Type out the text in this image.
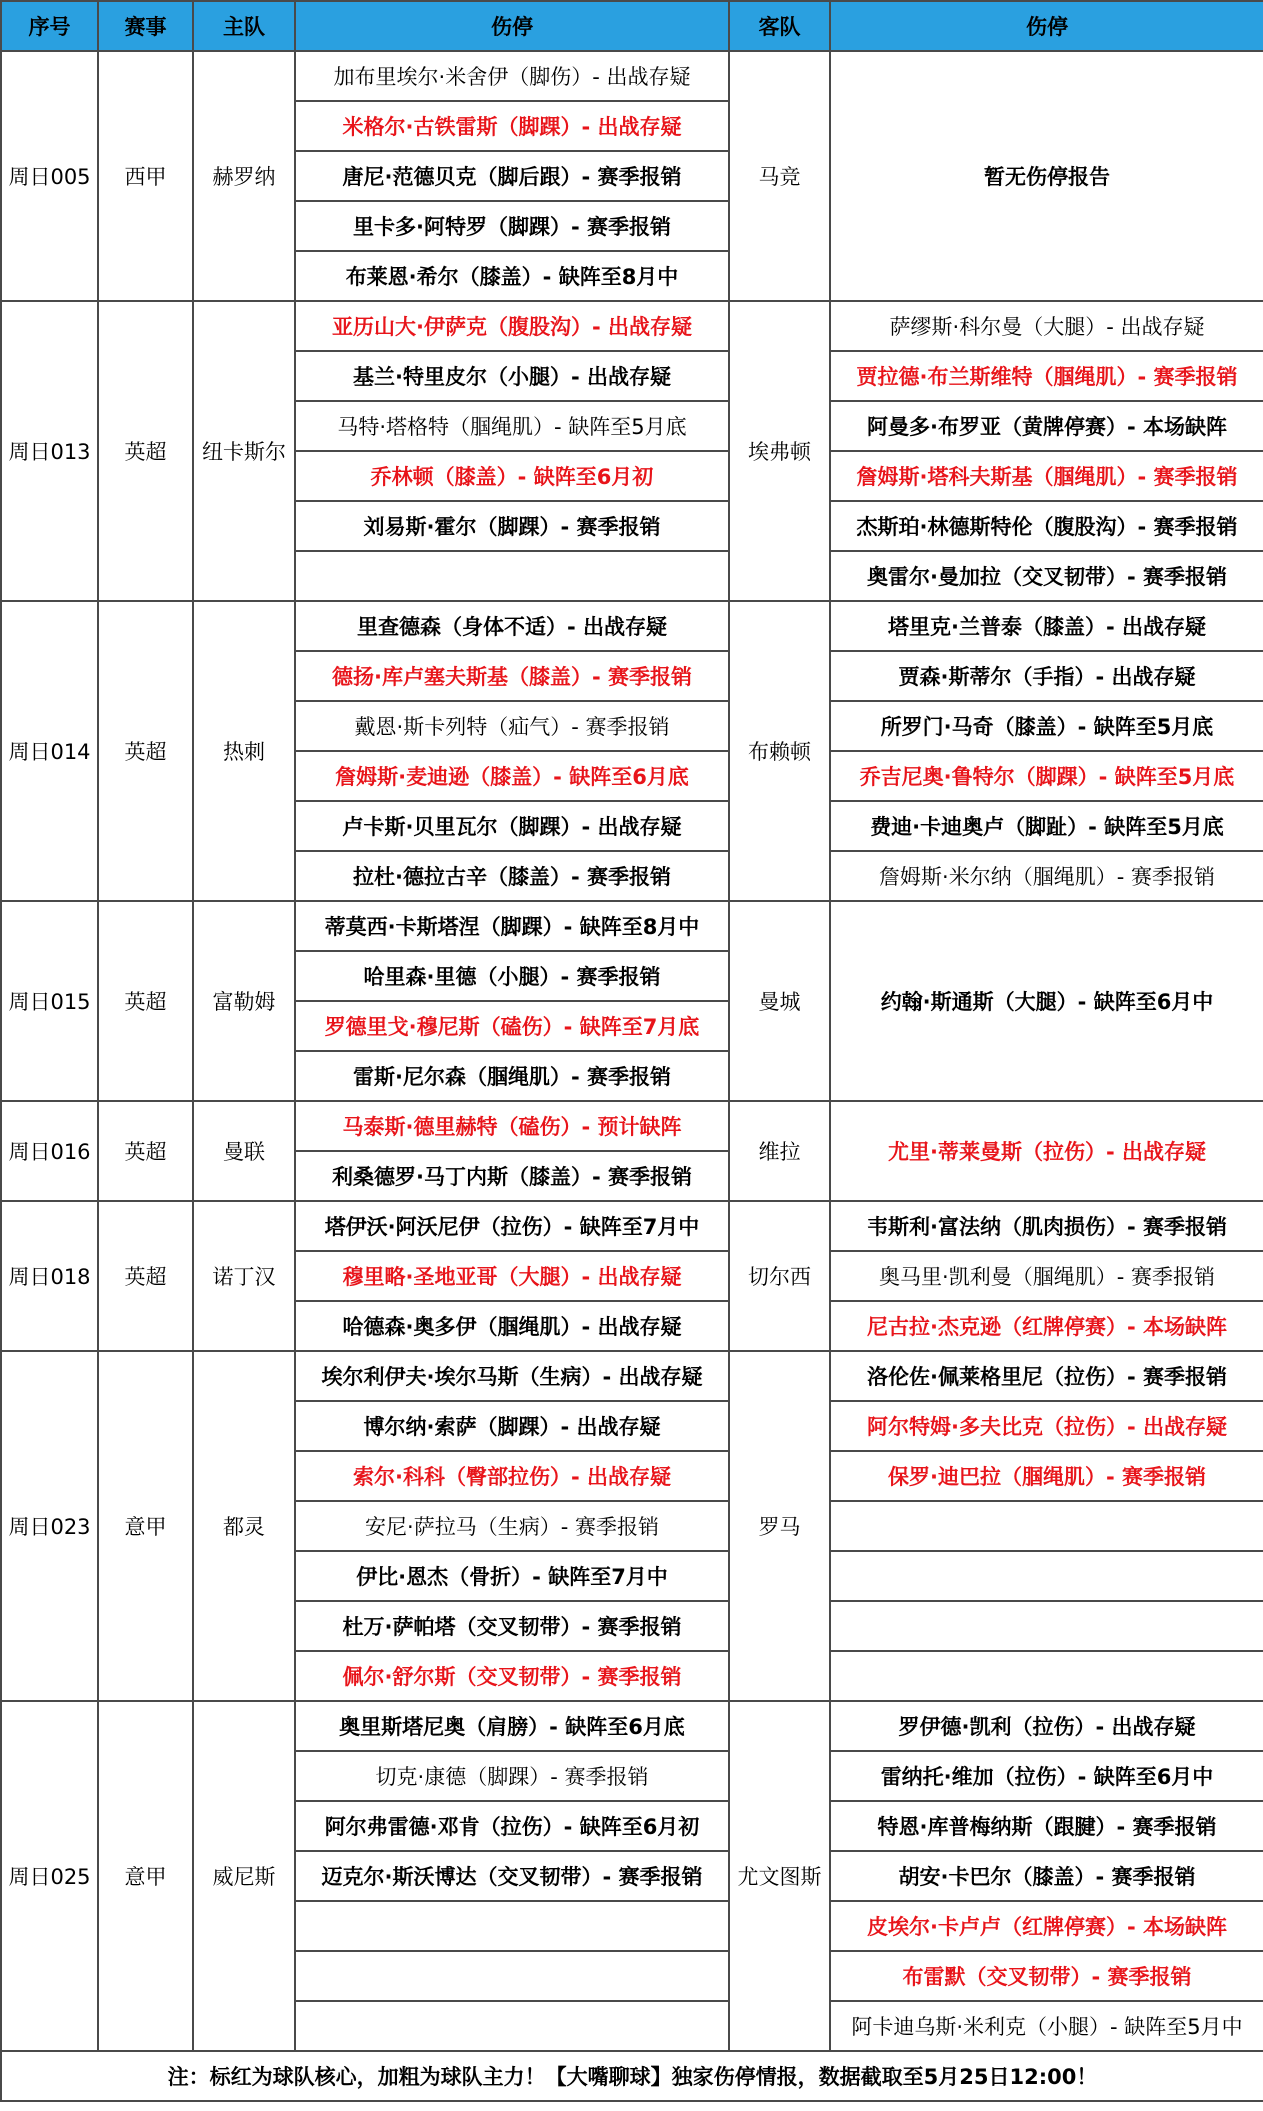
序号	赛事	主队	伤停	客队	伤停
周日005	西甲	赫罗纳	加布里埃尔·米舍伊（脚伤）- 出战存疑	马竞	暂无伤停报告
			米格尔·古铁雷斯（脚踝）- 出战存疑		
			唐尼·范德贝克（脚后跟）- 赛季报销		
			里卡多·阿特罗（脚踝）- 赛季报销		
			布莱恩·希尔（膝盖）- 缺阵至8月中		
周日013	英超	纽卡斯尔	亚历山大·伊萨克（腹股沟）- 出战存疑	埃弗顿	萨缪斯·科尔曼（大腿）- 出战存疑
			基兰·特里皮尔（小腿）- 出战存疑		贾拉德·布兰斯维特（腘绳肌）- 赛季报销
			马特·塔格特（腘绳肌）- 缺阵至5月底		阿曼多·布罗亚（黄牌停赛）- 本场缺阵
			乔林顿（膝盖）- 缺阵至6月初		詹姆斯·塔科夫斯基（腘绳肌）- 赛季报销
			刘易斯·霍尔（脚踝）- 赛季报销		杰斯珀·林德斯特伦（腹股沟）- 赛季报销
					奥雷尔·曼加拉（交叉韧带）- 赛季报销
周日014	英超	热刺	里查德森（身体不适）- 出战存疑	布赖顿	塔里克·兰普泰（膝盖）- 出战存疑
			德扬·库卢塞夫斯基（膝盖）- 赛季报销		贾森·斯蒂尔（手指）- 出战存疑
			戴恩·斯卡列特（疝气）- 赛季报销		所罗门·马奇（膝盖）- 缺阵至5月底
			詹姆斯·麦迪逊（膝盖）- 缺阵至6月底		乔吉尼奥·鲁特尔（脚踝）- 缺阵至5月底
			卢卡斯·贝里瓦尔（脚踝）- 出战存疑		费迪·卡迪奥卢（脚趾）- 缺阵至5月底
			拉杜·德拉古辛（膝盖）- 赛季报销		詹姆斯·米尔纳（腘绳肌）- 赛季报销
周日015	英超	富勒姆	蒂莫西·卡斯塔涅（脚踝）- 缺阵至8月中	曼城	约翰·斯通斯（大腿）- 缺阵至6月中
			哈里森·里德（小腿）- 赛季报销		
			罗德里戈·穆尼斯（磕伤）- 缺阵至7月底		
			雷斯·尼尔森（腘绳肌）- 赛季报销		
周日016	英超	曼联	马泰斯·德里赫特（磕伤）- 预计缺阵	维拉	尤里·蒂莱曼斯（拉伤）- 出战存疑
			利桑德罗·马丁内斯（膝盖）- 赛季报销		
周日018	英超	诺丁汉	塔伊沃·阿沃尼伊（拉伤）- 缺阵至7月中	切尔西	韦斯利·富法纳（肌肉损伤）- 赛季报销
			穆里略·圣地亚哥（大腿）- 出战存疑		奥马里·凯利曼（腘绳肌）- 赛季报销
			哈德森·奥多伊（腘绳肌）- 出战存疑		尼古拉·杰克逊（红牌停赛）- 本场缺阵
周日023	意甲	都灵	埃尔利伊夫·埃尔马斯（生病）- 出战存疑	罗马	洛伦佐·佩莱格里尼（拉伤）- 赛季报销
			博尔纳·索萨（脚踝）- 出战存疑		阿尔特姆·多夫比克（拉伤）- 出战存疑
			索尔·科科（臀部拉伤）- 出战存疑		保罗·迪巴拉（腘绳肌）- 赛季报销
			安尼·萨拉马（生病）- 赛季报销		
			伊比·恩杰（骨折）- 缺阵至7月中		
			杜万·萨帕塔（交叉韧带）- 赛季报销		
			佩尔·舒尔斯（交叉韧带）- 赛季报销		
周日025	意甲	威尼斯	奥里斯塔尼奥（肩膀）- 缺阵至6月底	尤文图斯	罗伊德·凯利（拉伤）- 出战存疑
			切克·康德（脚踝）- 赛季报销		雷纳托·维加（拉伤）- 缺阵至6月中
			阿尔弗雷德·邓肯（拉伤）- 缺阵至6月初		特恩·库普梅纳斯（跟腱）- 赛季报销
			迈克尔·斯沃博达（交叉韧带）- 赛季报销		胡安·卡巴尔（膝盖）- 赛季报销
					皮埃尔·卡卢卢（红牌停赛）- 本场缺阵
					布雷默（交叉韧带）- 赛季报销
					阿卡迪乌斯·米利克（小腿）- 缺阵至5月中
注：标红为球队核心，加粗为球队主力！【大嘴聊球】独家伤停情报，数据截取至5月25日12:00！					
